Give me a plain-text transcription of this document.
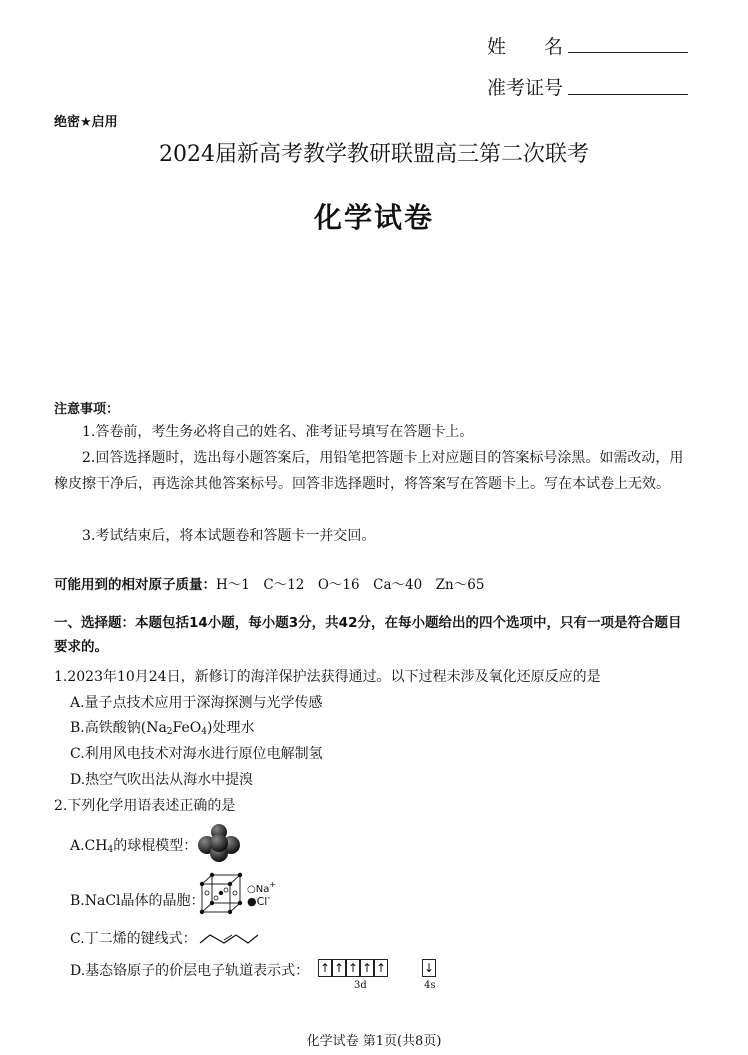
姓　　名
准考证号
绝密★启用
2024届新高考教学教研联盟高三第二次联考
化学试卷
注意事项：
1.答卷前，考生务必将自己的姓名、准考证号填写在答题卡上。
2.回答选择题时，选出每小题答案后，用铅笔把答题卡上对应题目的答案标号涂黑。如需改动，用橡皮擦干净后，再选涂其他答案标号。回答非选择题时，将答案写在答题卡上。写在本试卷上无效。
3.考试结束后，将本试题卷和答题卡一并交回。
可能用到的相对原子质量：H～1　C～12　O～16　Ca～40　Zn～65
一、选择题：本题包括14小题，每小题3分，共42分，在每小题给出的四个选项中，只有一项是符合题目要求的。
1.2023年10月24日，新修订的海洋保护法获得通过。以下过程未涉及氧化还原反应的是
A.量子点技术应用于深海探测与光学传感
B.高铁酸钠$(Na_2FeO_4)$处理水
C.利用风电技术对海水进行原位电解制氢
D.热空气吹出法从海水中提溴
2.下列化学用语表述正确的是
$A.CH_4$的球棍模型：
B.NaCl晶体的晶胞：
○Na+
●Cl-
C.丁二烯的键线式：
D.基态铬原子的价层电子轨道表示式： ↑ ↑ ↑ ↑ ↑	↓
3d	4s
化学试卷 第1页(共8页)
